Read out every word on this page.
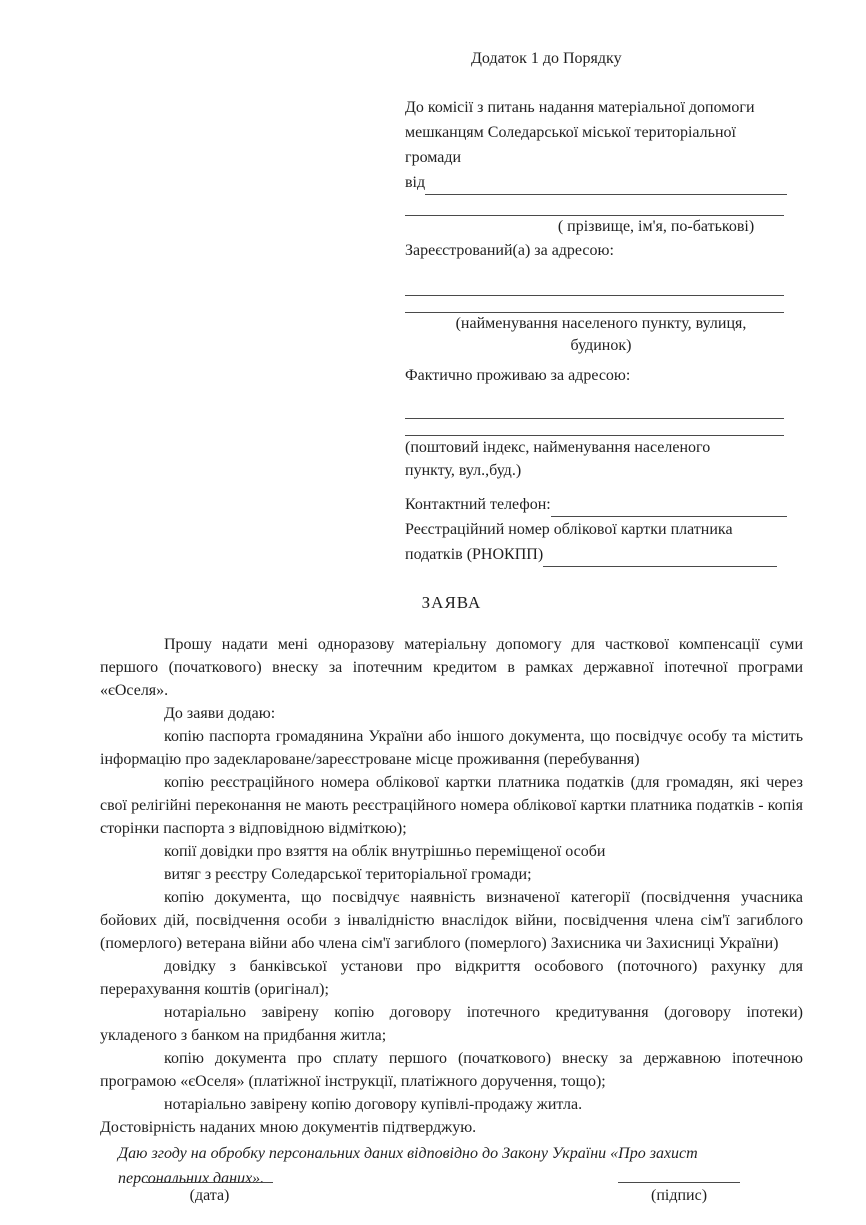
Додаток 1 до Порядку
До комісії з питань надання матеріальної допомоги
мешканцям Соледарської міської територіальної
громади
від
( прізвище, ім'я, по-батькові)
Зареєстрований(а) за адресою:
(найменування населеного пункту, вулиця, будинок)
Фактично проживаю за адресою:
(поштовий індекс, найменування населеного пункту, вул.,буд.)
Контактний телефон:
Реєстраційний номер облікової картки платника
податків (РНОКПП)
ЗАЯВА

Прошу надати мені одноразову матеріальну допомогу для часткової компенсації суми першого (початкового) внеску за іпотечним кредитом в рамках державної іпотечної програми «єОселя».

До заяви додаю:

копію паспорта громадянина України або іншого документа, що посвідчує особу та містить інформацію про задеклароване/зареєстроване місце проживання (перебування)

копію реєстраційного номера облікової картки платника податків (для громадян, які через свої релігійні переконання не мають реєстраційного номера облікової картки платника податків - копія сторінки паспорта з відповідною відміткою);

копії довідки про взяття на облік внутрішньо переміщеної особи

витяг з реєстру Соледарської територіальної громади;

копію документа, що посвідчує наявність визначеної категорії (посвідчення учасника бойових дій, посвідчення особи з інвалідністю внаслідок війни, посвідчення члена сім'ї загиблого (померлого) ветерана війни або члена сім'ї загиблого (померлого) Захисника чи Захисниці України)

довідку з банківської установи про відкриття особового (поточного) рахунку для перерахування коштів (оригінал);

нотаріально завірену копію договору іпотечного кредитування (договору іпотеки) укладеного з банком на придбання житла;

копію документа про сплату першого (початкового) внеску за державною іпотечною програмою «єОселя» (платіжної інструкції, платіжного доручення, тощо);

нотаріально завірену копію договору купівлі-продажу житла.

Достовірність наданих мною документів підтверджую.

Даю згоду на обробку персональних даних відповідно до Закону України «Про захист персональних даних».

(дата)	(підпис)
